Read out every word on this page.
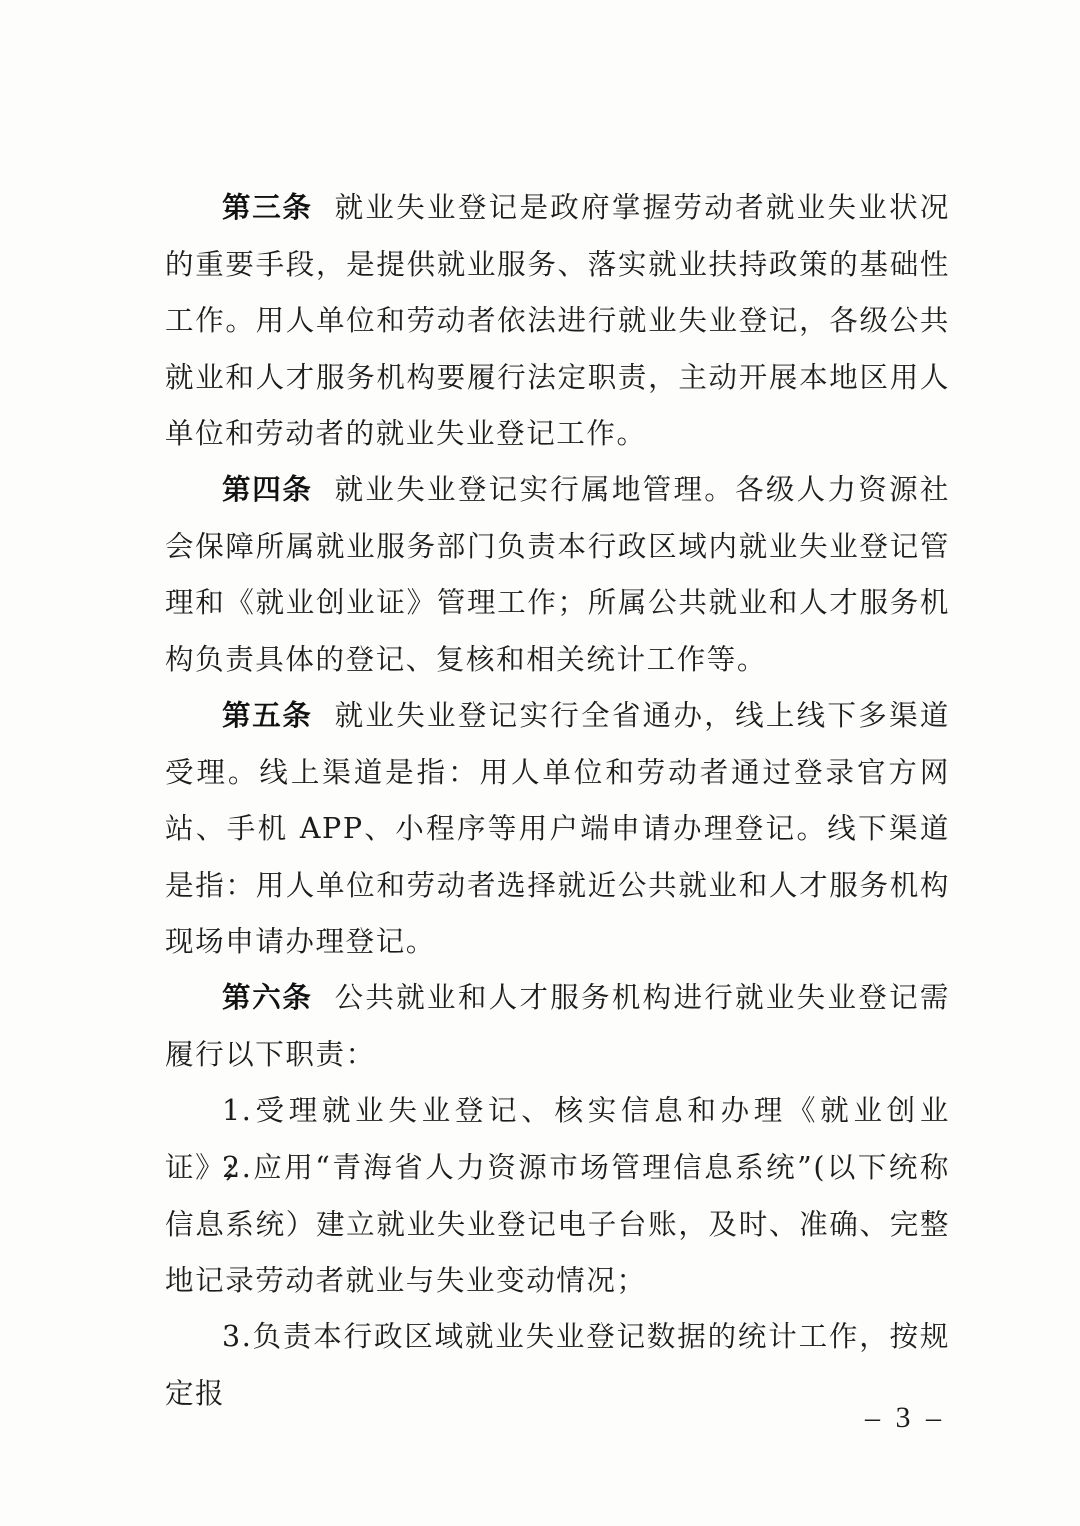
第三条 就业失业登记是政府掌握劳动者就业失业状况的重要手段，是提供就业服务、落实就业扶持政策的基础性工作。用人单位和劳动者依法进行就业失业登记，各级公共就业和人才服务机构要履行法定职责，主动开展本地区用人单位和劳动者的就业失业登记工作。

第四条 就业失业登记实行属地管理。各级人力资源社会保障所属就业服务部门负责本行政区域内就业失业登记管理和《就业创业证》管理工作；所属公共就业和人才服务机构负责具体的登记、复核和相关统计工作等。

第五条 就业失业登记实行全省通办，线上线下多渠道受理。线上渠道是指：用人单位和劳动者通过登录官方网站、手机 APP、小程序等用户端申请办理登记。线下渠道是指：用人单位和劳动者选择就近公共就业和人才服务机构现场申请办理登记。

第六条 公共就业和人才服务机构进行就业失业登记需履行以下职责：

1.受理就业失业登记、核实信息和办理《就业创业证》;

2.应用“青海省人力资源市场管理信息系统”(以下统称信息系统）建立就业失业登记电子台账，及时、准确、完整地记录劳动者就业与失业变动情况；

3.负责本行政区域就业失业登记数据的统计工作，按规定报

– 3 –
